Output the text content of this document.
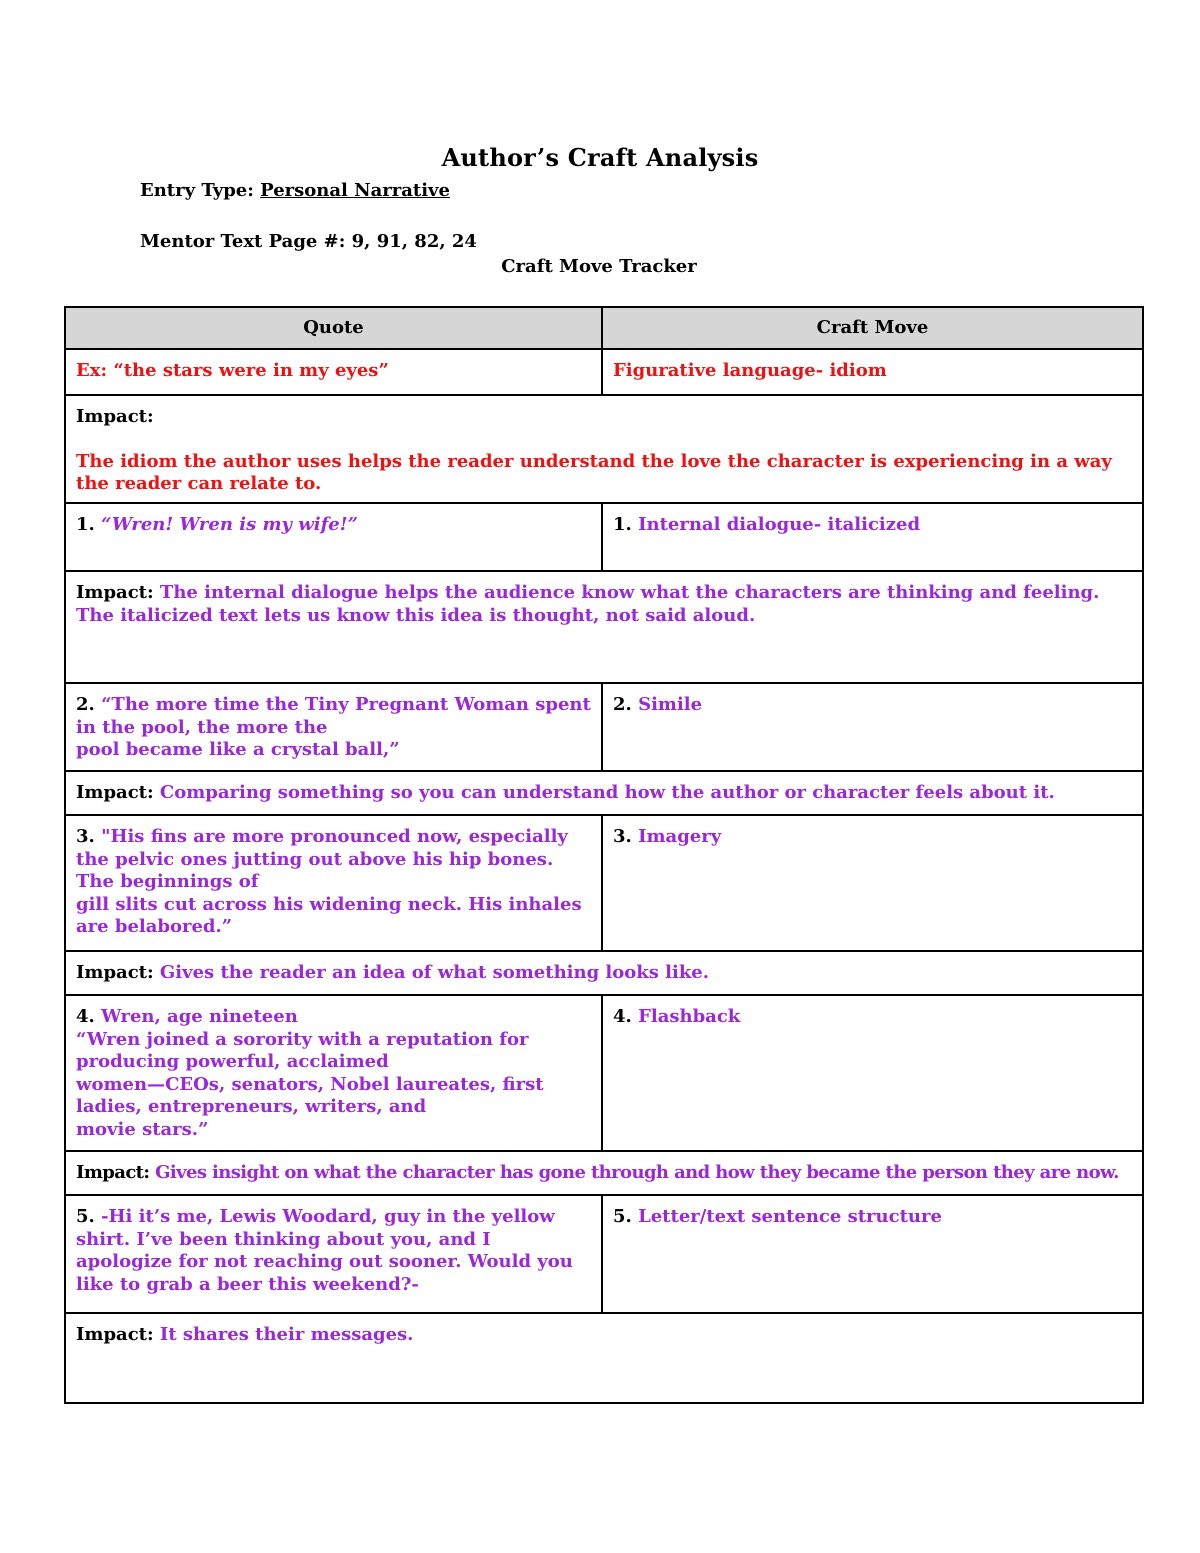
Author’s Craft Analysis
Entry Type: Personal Narrative
Mentor Text Page #: 9, 91, 82, 24
Craft Move Tracker
Quote	Craft Move
Ex: “the stars were in my eyes”	Figurative language- idiom
Impact:
The idiom the author uses helps the reader understand the love the character is experiencing in a way the reader can relate to.	
1. “Wren! Wren is my wife!”	1. Internal dialogue- italicized
Impact: The internal dialogue helps the audience know what the characters are thinking and feeling. The italicized text lets us know this idea is thought, not said aloud.	
2. “The more time the Tiny Pregnant Woman spent in the pool, the more the
pool became like a crystal ball,”	2. Simile
Impact: Comparing something so you can understand how the author or character feels about it.	
3. "His fins are more pronounced now, especially the pelvic ones jutting out above his hip bones. The beginnings of
gill slits cut across his widening neck. His inhales are belabored.”	3. Imagery
Impact: Gives the reader an idea of what something looks like.	
4. Wren, age nineteen
“Wren joined a sorority with a reputation for producing powerful, acclaimed
women—CEOs, senators, Nobel laureates, first ladies, entrepreneurs, writers, and
movie stars.”	4. Flashback
Impact: Gives insight on what the character has gone through and how they became the person they are now.	
5. -Hi it’s me, Lewis Woodard, guy in the yellow shirt. I’ve been thinking about you, and I apologize for not reaching out sooner. Would you like to grab a beer this weekend?-	5. Letter/text sentence structure
Impact: It shares their messages.	
